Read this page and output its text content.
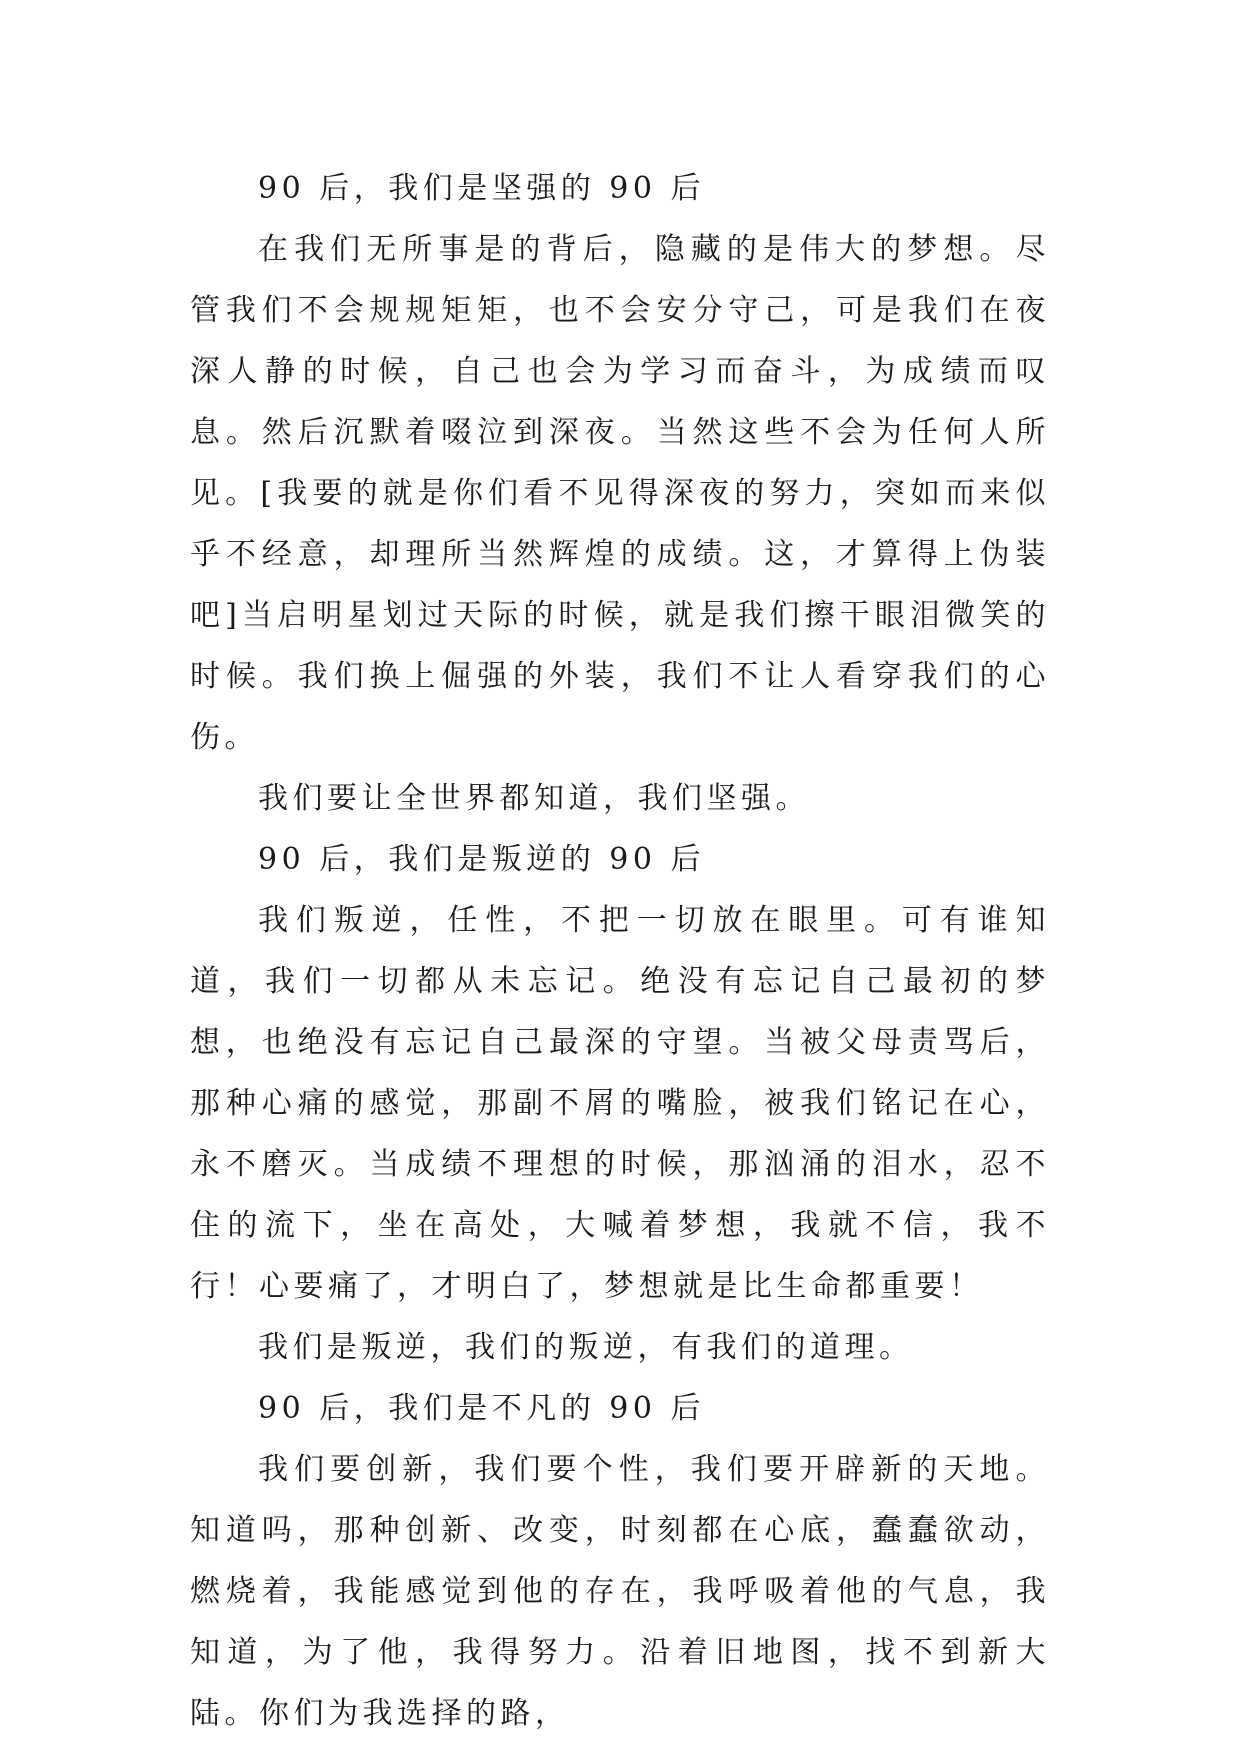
90 后，我们是坚强的 90 后

在我们无所事是的背后，隐藏的是伟大的梦想。尽管我们不会规规矩矩，也不会安分守己，可是我们在夜深人静的时候，自己也会为学习而奋斗，为成绩而叹息。然后沉默着啜泣到深夜。当然这些不会为任何人所见。[我要的就是你们看不见得深夜的努力，突如而来似乎不经意，却理所当然辉煌的成绩。这，才算得上伪装吧]当启明星划过天际的时候，就是我们擦干眼泪微笑的时候。我们换上倔强的外装，我们不让人看穿我们的心伤。

我们要让全世界都知道，我们坚强。

90 后，我们是叛逆的 90 后

我们叛逆，任性，不把一切放在眼里。可有谁知道，我们一切都从未忘记。绝没有忘记自己最初的梦想，也绝没有忘记自己最深的守望。当被父母责骂后，那种心痛的感觉，那副不屑的嘴脸，被我们铭记在心，永不磨灭。当成绩不理想的时候，那汹涌的泪水，忍不住的流下，坐在高处，大喊着梦想，我就不信，我不行！心要痛了，才明白了，梦想就是比生命都重要！

我们是叛逆，我们的叛逆，有我们的道理。

90 后，我们是不凡的 90 后

我们要创新，我们要个性，我们要开辟新的天地。知道吗，那种创新、改变，时刻都在心底，蠢蠢欲动，燃烧着，我能感觉到他的存在，我呼吸着他的气息，我知道，为了他，我得努力。沿着旧地图，找不到新大陆。你们为我选择的路，
